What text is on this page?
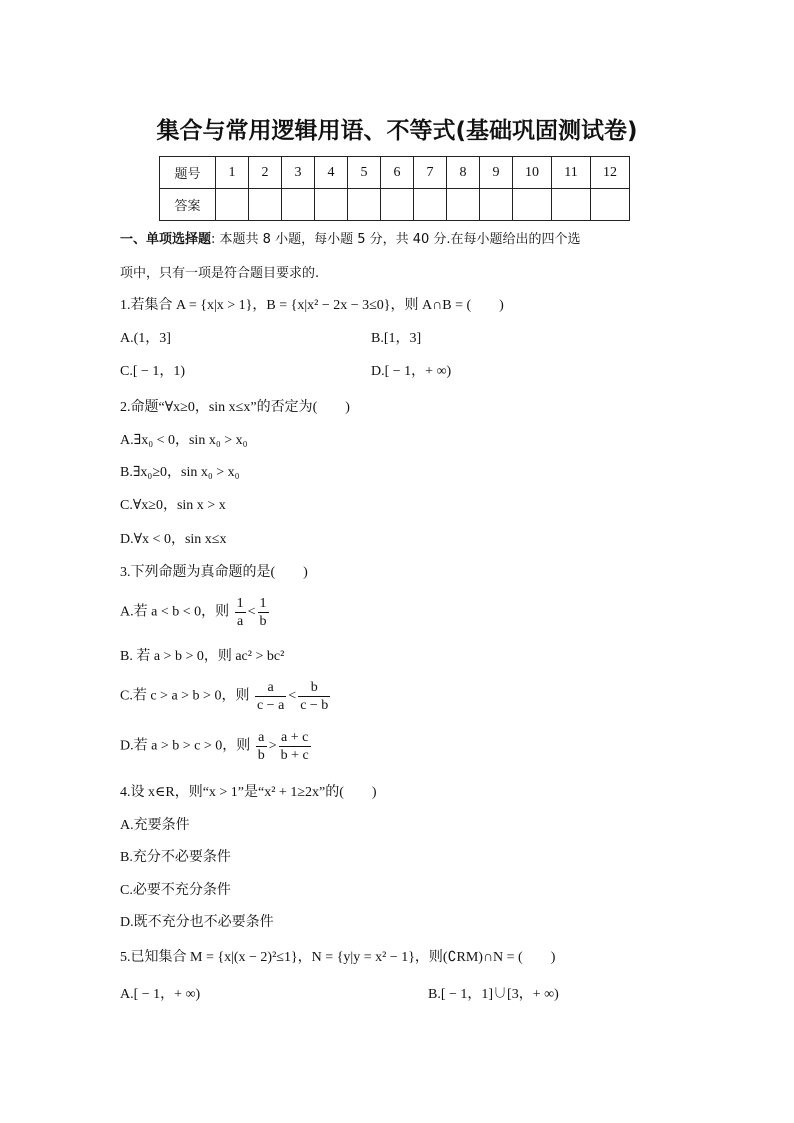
集合与常用逻辑用语、不等式(基础巩固测试卷)
题号	1	2	3	4	5	6	7	8	9	10	11	12
答案												
一、单项选择题: 本题共 8 小题，每小题 5 分，共 40 分.在每小题给出的四个选
项中，只有一项是符合题目要求的.
1.若集合 A = {x|x > 1}，B = {x|x² − 2x − 3≤0}，则 A∩B = (　　)
A.(1，3]	B.[1，3]
C.[ − 1，1)	D.[ − 1，+ ∞)
2.命题“∀x≥0，sin x≤x”的否定为(　　)
A.∃x₀ < 0，sin x₀ > x₀
B.∃x₀≥0，sin x₀ > x₀
C.∀x≥0，sin x > x
D.∀x < 0，sin x≤x
3.下列命题为真命题的是(　　)
A.若 a < b < 0，则 $\frac{1}{a} < \frac{1}{b}$
B. 若 a > b > 0，则 ac² > bc²
C.若 c > a > b > 0，则 $\frac{a}{c - a} < \frac{b}{c - b}$
D.若 a > b > c > 0，则 $\frac{a}{b} > \frac{a + c}{b + c}$
4.设 x∈R，则“x > 1”是“x² + 1≥2x”的(　　)
A.充要条件
B.充分不必要条件
C.必要不充分条件
D.既不充分也不必要条件
5.已知集合 M = {x|(x − 2)²≤1}，N = {y|y = x² − 1}，则(∁RM)∩N = (　　)
A.[ − 1，+ ∞)	B.[ − 1，1]∪[3，+ ∞)
